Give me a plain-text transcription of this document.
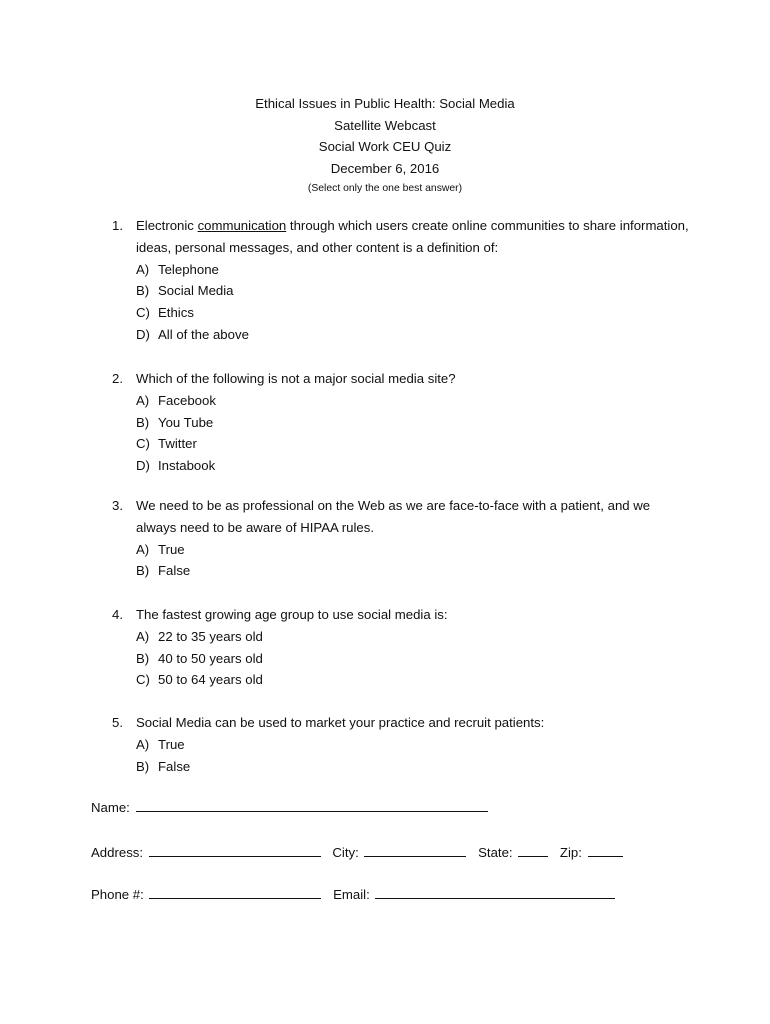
Ethical Issues in Public Health: Social Media
Satellite Webcast
Social Work CEU Quiz
December 6, 2016
(Select only the one best answer)
1. Electronic communication through which users create online communities to share information, ideas, personal messages, and other content is a definition of:
A) Telephone
B) Social Media
C) Ethics
D) All of the above
2. Which of the following is not a major social media site?
A) Facebook
B) You Tube
C) Twitter
D) Instabook
3. We need to be as professional on the Web as we are face-to-face with a patient, and we always need to be aware of HIPAA rules.
A) True
B) False
4. The fastest growing age group to use social media is:
A) 22 to 35 years old
B) 40 to 50 years old
C) 50 to 64 years old
5. Social Media can be used to market your practice and recruit patients:
A) True
B) False
Name:
Address:	City:	State:	Zip:
Phone #:	Email:
